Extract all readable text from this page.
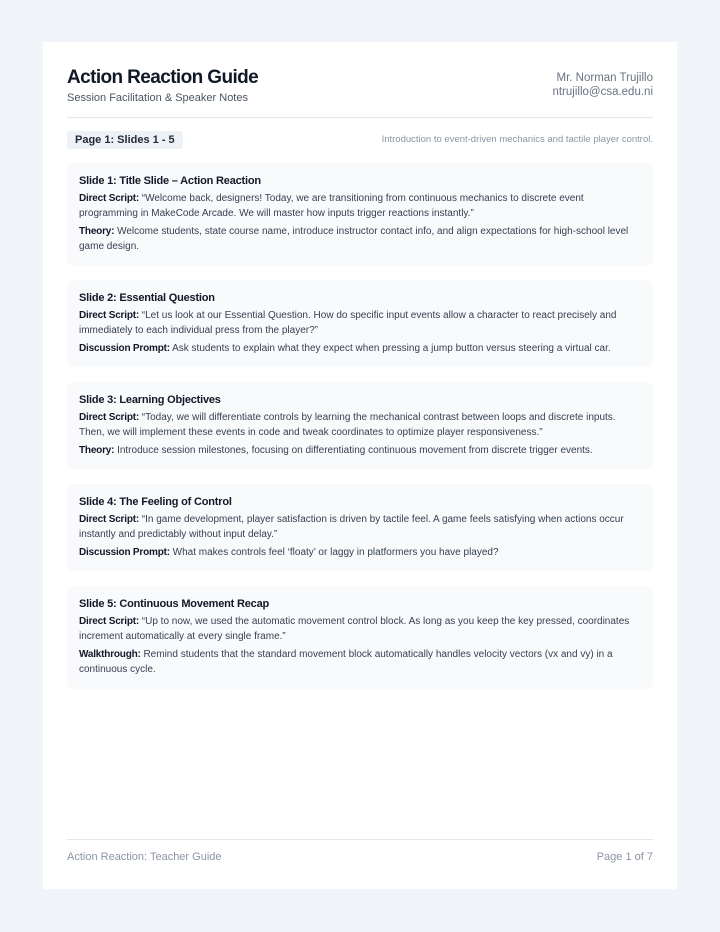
Action Reaction Guide
Session Facilitation & Speaker Notes
Mr. Norman Trujillo
ntrujillo@csa.edu.ni
Page 1: Slides 1 - 5	Introduction to event-driven mechanics and tactile player control.

Slide 1: Title Slide – Action Reaction

Direct Script: “Welcome back, designers! Today, we are transitioning from continuous mechanics to discrete event programming in MakeCode Arcade. We will master how inputs trigger reactions instantly.”

Theory: Welcome students, state course name, introduce instructor contact info, and align expectations for high-school level game design.

Slide 2: Essential Question

Direct Script: “Let us look at our Essential Question. How do specific input events allow a character to react precisely and immediately to each individual press from the player?”

Discussion Prompt: Ask students to explain what they expect when pressing a jump button versus steering a virtual car.

Slide 3: Learning Objectives

Direct Script: “Today, we will differentiate controls by learning the mechanical contrast between loops and discrete inputs. Then, we will implement these events in code and tweak coordinates to optimize player responsiveness.”

Theory: Introduce session milestones, focusing on differentiating continuous movement from discrete trigger events.

Slide 4: The Feeling of Control

Direct Script: “In game development, player satisfaction is driven by tactile feel. A game feels satisfying when actions occur instantly and predictably without input delay.”

Discussion Prompt: What makes controls feel ‘floaty’ or laggy in platformers you have played?

Slide 5: Continuous Movement Recap

Direct Script: “Up to now, we used the automatic movement control block. As long as you keep the key pressed, coordinates increment automatically at every single frame.”

Walkthrough: Remind students that the standard movement block automatically handles velocity vectors (vx and vy) in a continuous cycle.

Action Reaction: Teacher Guide	Page 1 of 7
